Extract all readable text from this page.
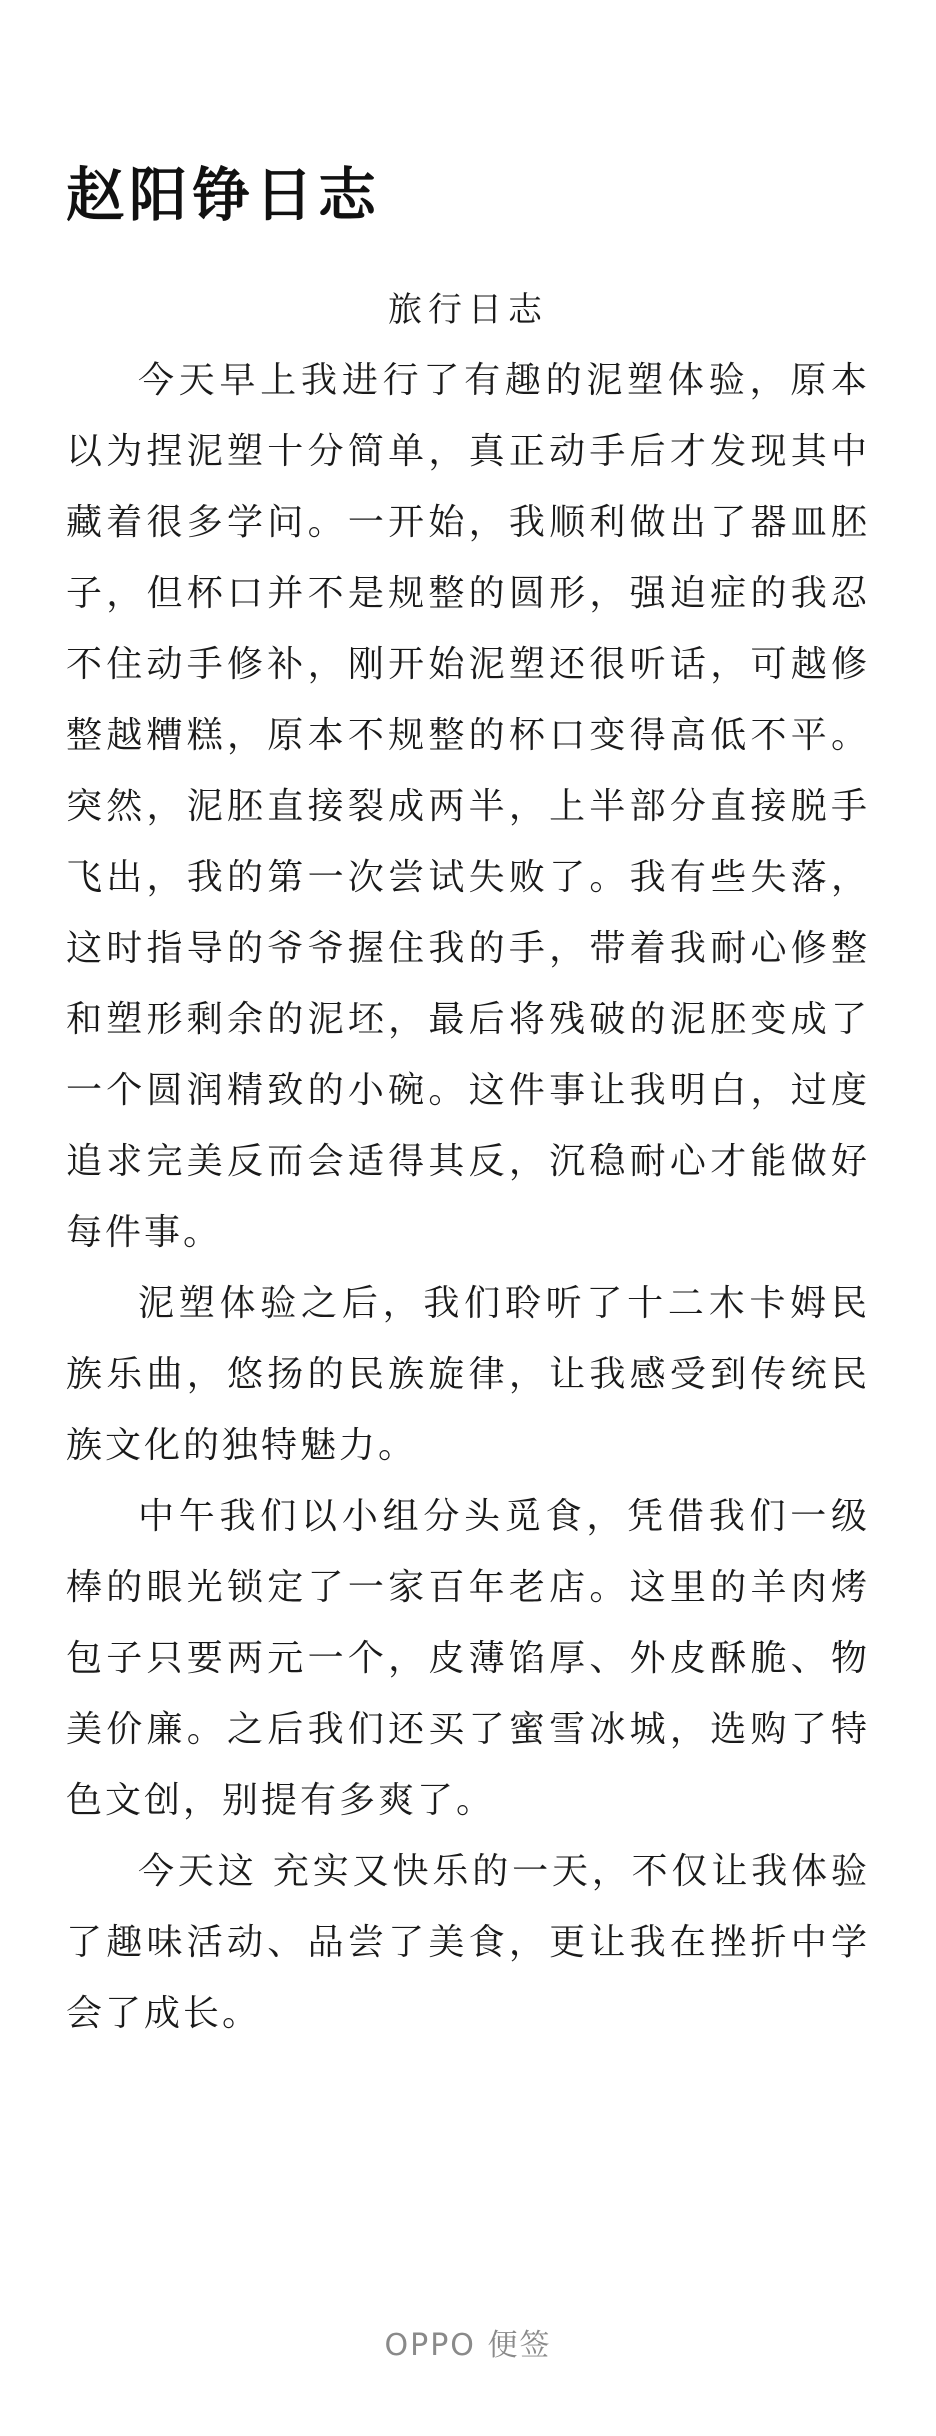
赵阳铮日志
旅行日志

今天早上我进行了有趣的泥塑体验，原本以为捏泥塑十分简单，真正动手后才发现其中藏着很多学问。一开始，我顺利做出了器皿胚子，但杯口并不是规整的圆形，强迫症的我忍不住动手修补，刚开始泥塑还很听话，可越修整越糟糕，原本不规整的杯口变得高低不平。突然，泥胚直接裂成两半，上半部分直接脱手飞出，我的第一次尝试失败了。我有些失落，这时指导的爷爷握住我的手，带着我耐心修整和塑形剩余的泥坯，最后将残破的泥胚变成了一个圆润精致的小碗。这件事让我明白，过度追求完美反而会适得其反，沉稳耐心才能做好每件事。

泥塑体验之后，我们聆听了十二木卡姆民族乐曲，悠扬的民族旋律，让我感受到传统民族文化的独特魅力。

中午我们以小组分头觅食，凭借我们一级棒的眼光锁定了一家百年老店。这里的羊肉烤包子只要两元一个，皮薄馅厚、外皮酥脆、物美价廉。之后我们还买了蜜雪冰城，选购了特色文创，别提有多爽了。

今天这 充实又快乐的一天，不仅让我体验了趣味活动、品尝了美食，更让我在挫折中学会了成长。

OPPO 便签
